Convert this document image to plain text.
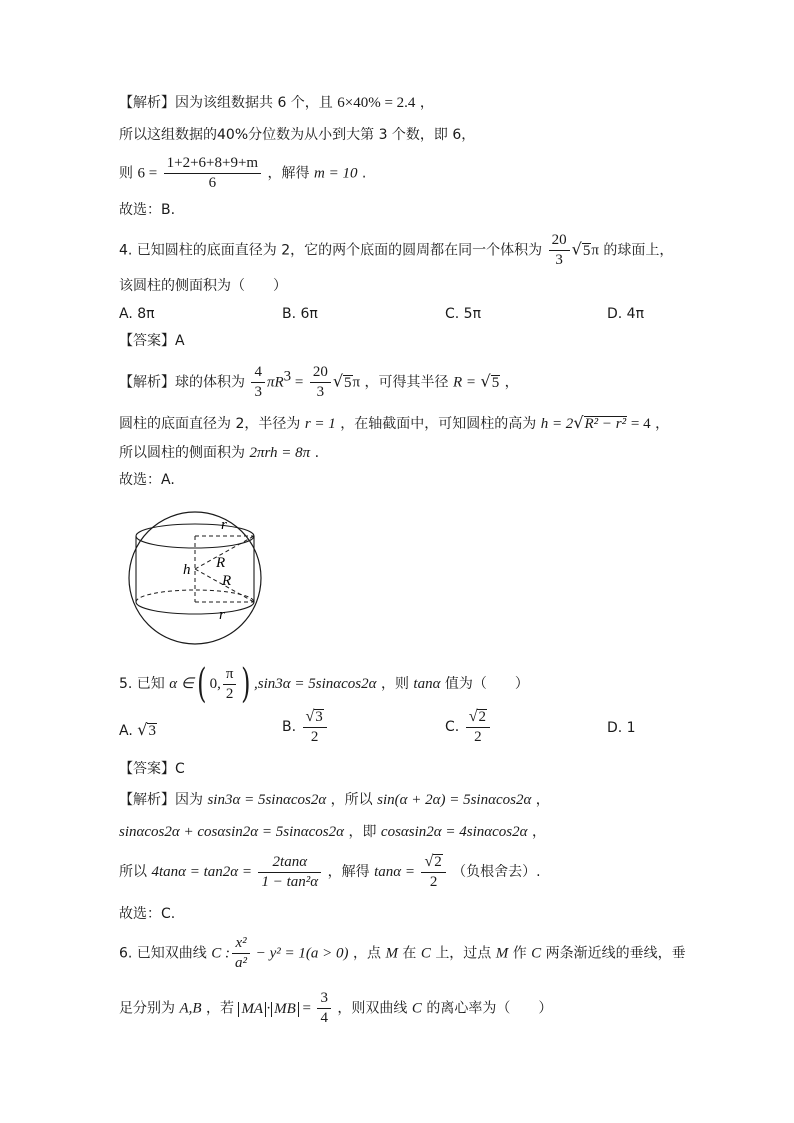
【解析】因为该组数据共 6 个，且 6×40% = 2.4 ，
所以这组数据的40%分位数为从小到大第 3 个数，即 6，
则 $6 = \frac{1+2+6+8+9+m}{6}$ ，解得 m = 10 .
故选：B.
4. 已知圆柱的底面直径为 2，它的两个底面的圆周都在同一个体积为 $\frac{20}{3} √5\pi$ 的球面上，
该圆柱的侧面积为（　　）
A. 8π	B. 6π	C. 5π	D. 4π
【答案】A
【解析】球的体积为 $\frac{4}{3} \pi R^3 = \frac{20}{3} √5\pi$ ，可得其半径 R = √5 ，
圆柱的底面直径为 2，半径为 r = 1 ，在轴截面中，可知圆柱的高为 h = 2√R² − r² = 4 ，
所以圆柱的侧面积为 2πrh = 8π .
故选：A.
r
R
h
R
r
5. 已知 α ∈( 0, $\frac{\pi}{2}$ ) ,sin3α = 5sinαcos2α ，则 tanα 值为（　　）
A. √3	B. $\frac{√3}{2}$	C. $\frac{√2}{2}$	D. 1
【答案】C
【解析】因为 sin3α = 5sinαcos2α ，所以 sin(α + 2α) = 5sinαcos2α ，
sinαcos2α + cosαsin2α = 5sinαcos2α ，即 cosαsin2α = 4sinαcos2α ，
所以 $4\tan\alpha = \tan 2\alpha = \frac{2\tan\alpha}{\text{1 − tan²α}}$ ，解得 $\tan\alpha = \frac{√2}{2}$ （负根舍去）.
故选：C.
6. 已知双曲线 C : $\frac{\text{x²}}{\text{a²}} - y^2 = 1(a > 0)$ ，点 M 在 C 上，过点 M 作 C 两条渐近线的垂线，垂
足分别为 A,B ，若 MA · MB = $\frac{3}{4}$ ，则双曲线 C 的离心率为（　　）
